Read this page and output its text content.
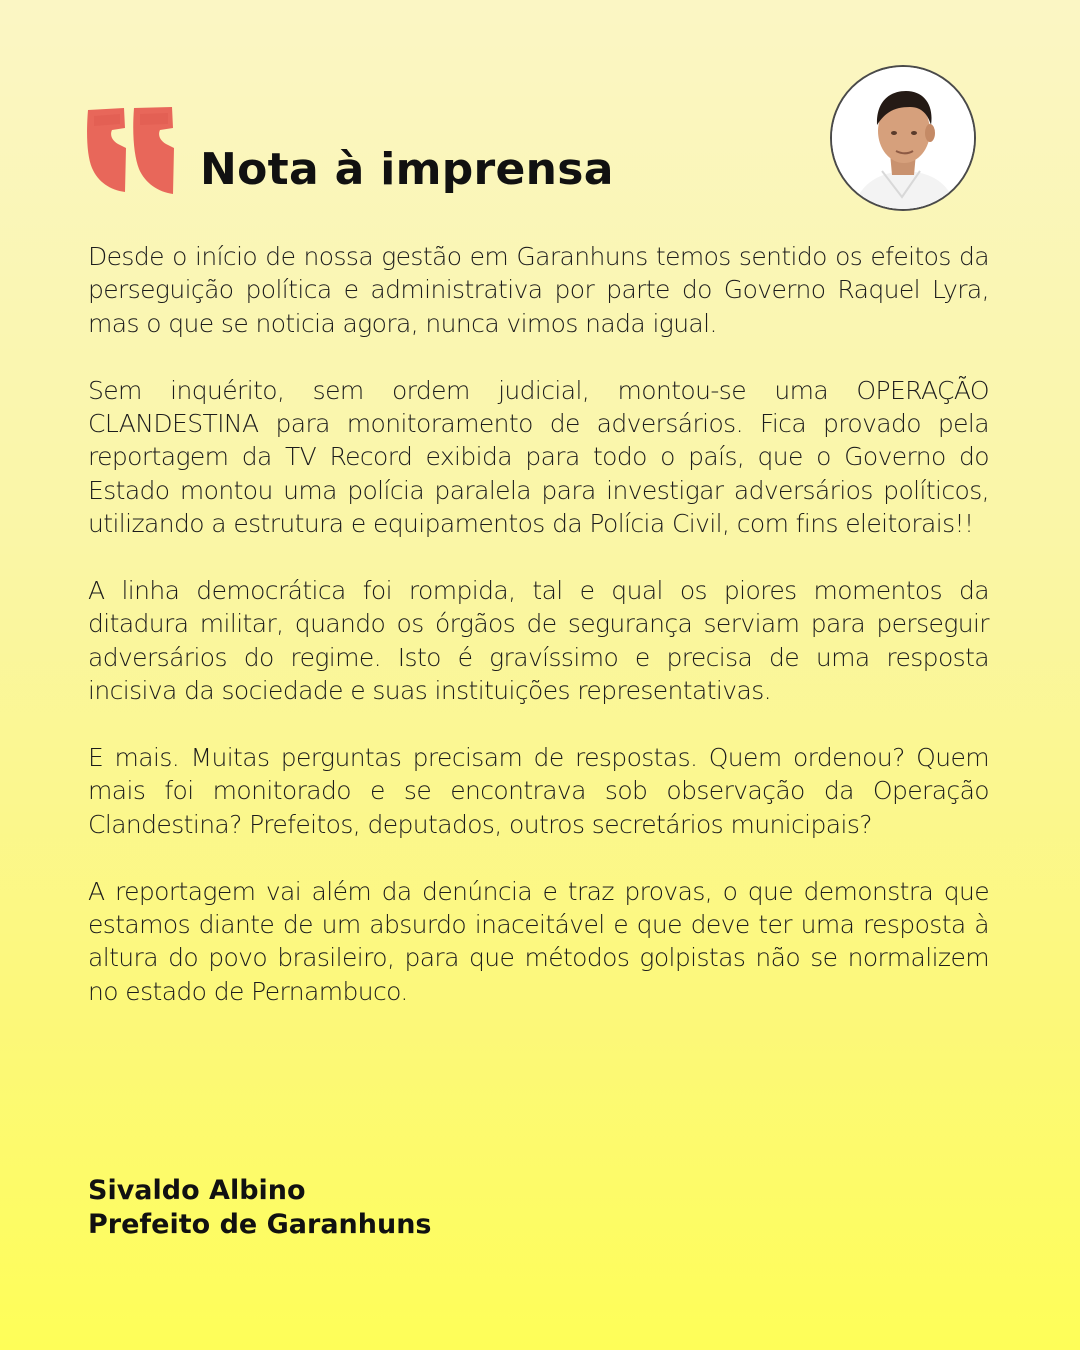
Nota à imprensa

Desde o início de nossa gestão em Garanhuns temos sentido os efeitos da perseguição política e administrativa por parte do Governo Raquel Lyra, mas o que se noticia agora, nunca vimos nada igual.

Sem inquérito, sem ordem judicial, montou-se uma OPERAÇÃO CLANDESTINA para monitoramento de adversários. Fica provado pela reportagem da TV Record exibida para todo o país, que o Governo do Estado montou uma polícia paralela para investigar adversários políticos, utilizando a estrutura e equipamentos da Polícia Civil, com fins eleitorais!!

A linha democrática foi rompida, tal e qual os piores momentos da ditadura militar, quando os órgãos de segurança serviam para perseguir adversários do regime. Isto é gravíssimo e precisa de uma resposta incisiva da sociedade e suas instituições representativas.

E mais. Muitas perguntas precisam de respostas. Quem ordenou? Quem mais foi monitorado e se encontrava sob observação da Operação Clandestina? Prefeitos, deputados, outros secretários municipais?

A reportagem vai além da denúncia e traz provas, o que demonstra que estamos diante de um absurdo inaceitável e que deve ter uma resposta à altura do povo brasileiro, para que métodos golpistas não se normalizem no estado de Pernambuco.

Sivaldo Albino
Prefeito de Garanhuns
